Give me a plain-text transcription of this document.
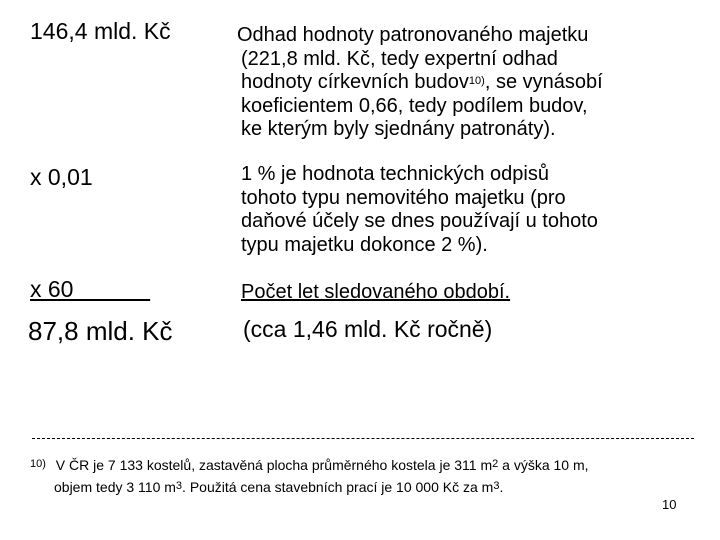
146,4 mld. Kč	Odhad hodnoty patronovaného majetku
(221,8 mld. Kč, tedy expertní odhad
hodnoty církevních budov$^{10)}$, se vynásobí
koeficientem 0,66, tedy podílem budov,
ke kterým byly sjednány patronáty).
x 0,01	1 % je hodnota technických odpisů
tohoto typu nemovitého majetku (pro
daňové účely se dnes používají u tohoto
typu majetku dokonce 2 %).
x 60	Počet let sledovaného období.
87,8 mld. Kč	(cca 1,46 mld. Kč ročně)
$^{10)}$ V ČR je 7 133 kostelů, zastavěná plocha průměrného kostela je 311 $m^2$ a výška 10 m,
objem tedy 3 110 $m^3$. Použitá cena stavebních prací je 10 000 Kč za $m^3$.
10
